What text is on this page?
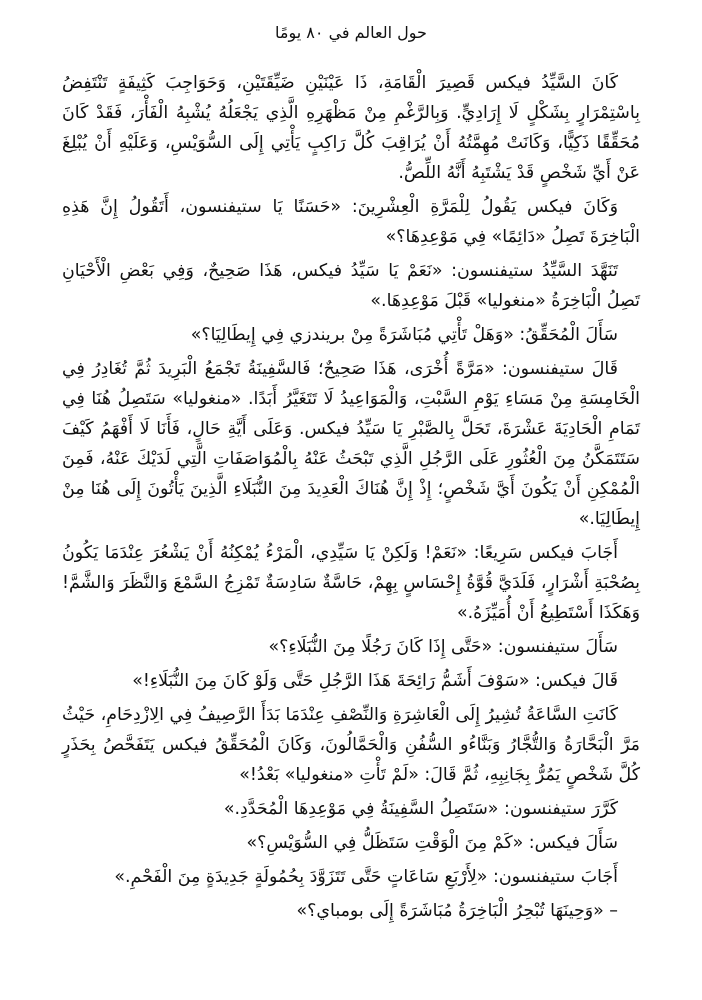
حول العالم في ٨٠ يومًا

كَانَ السَّيِّدُ فيكس قَصِيرَ الْقَامَةِ، ذَا عَيْنَيْنِ ضَيِّقَتَيْنِ، وَحَوَاجِبَ كَثِيفَةٍ تَنْتَفِضُ بِاسْتِمْرَارٍ بِشَكْلٍ لَا إِرَادِيٍّ. وَبِالرَّغْمِ مِنْ مَظْهَرِهِ الَّذِي يَجْعَلُهُ يُشْبِهُ الْفَأْرَ، فَقَدْ كَانَ مُحَقِّقًا ذَكِيًّا، وَكَانَتْ مُهِمَّتُهُ أَنْ يُرَاقِبَ كُلَّ رَاكِبٍ يَأْتِي إِلَى السُّوَيْسِ، وَعَلَيْهِ أَنْ يُبْلِغَ عَنْ أَيِّ شَخْصٍ قَدْ يَشْتَبِهُ أَنَّهُ اللِّصُّ.

وَكَانَ فيكس يَقُولُ لِلْمَرَّةِ الْعِشْرِينَ: «حَسَنًا يَا ستيفنسون، أَتَقُولُ إِنَّ هَذِهِ الْبَاخِرَةَ تَصِلُ «دَائِمًا» فِي مَوْعِدِهَا؟»

تَنَهَّدَ السَّيِّدُ ستيفنسون: «نَعَمْ يَا سَيِّدُ فيكس، هَذَا صَحِيحٌ، وَفِي بَعْضِ الْأَحْيَانِ تَصِلُ الْبَاخِرَةُ «منغوليا» قَبْلَ مَوْعِدِهَا.»

سَأَلَ الْمُحَقِّقُ: «وَهَلْ تَأْتِي مُبَاشَرَةً مِنْ بريندزي فِي إِيطَالِيَا؟»

قَالَ ستيفنسون: «مَرَّةً أُخْرَى، هَذَا صَحِيحٌ؛ فَالسَّفِينَةُ تَجْمَعُ الْبَرِيدَ ثُمَّ تُغَادِرُ فِي الْخَامِسَةِ مِنْ مَسَاءِ يَوْمِ السَّبْتِ، وَالْمَوَاعِيدُ لَا تَتَغَيَّرُ أَبَدًا. «منغوليا» سَتَصِلُ هُنَا فِي تَمَامِ الْحَادِيَةَ عَشْرَةَ، تَحَلَّ بِالصَّبْرِ يَا سَيِّدُ فيكس. وَعَلَى أَيَّةِ حَالٍ، فَأَنَا لَا أَفْهَمُ كَيْفَ سَتَتَمَكَّنُ مِنَ الْعُثُورِ عَلَى الرَّجُلِ الَّذِي تَبْحَثُ عَنْهُ بِالْمُوَاصَفَاتِ الَّتِي لَدَيْكَ عَنْهُ، فَمِنَ الْمُمْكِنِ أَنْ يَكُونَ أَيَّ شَخْصٍ؛ إِذْ إِنَّ هُنَاكَ الْعَدِيدَ مِنَ النُّبَلَاءِ الَّذِينَ يَأْتُونَ إِلَى هُنَا مِنْ إِيطَالِيَا.»

أَجَابَ فيكس سَرِيعًا: «نَعَمْ! وَلَكِنْ يَا سَيِّدِي، الْمَرْءُ يُمْكِنُهُ أَنْ يَشْعُرَ عِنْدَمَا يَكُونُ بِصُحْبَةِ أَشْرَارٍ، فَلَدَيَّ قُوَّةُ إِحْسَاسٍ بِهِمْ، حَاسَّةٌ سَادِسَةٌ تَمْزِجُ السَّمْعَ وَالنَّظَرَ وَالشَّمَّ! وَهَكَذَا أَسْتَطِيعُ أَنْ أُمَيِّزَهُ.»

سَأَلَ ستيفنسون: «حَتَّى إِذَا كَانَ رَجُلًا مِنَ النُّبَلَاءِ؟»

قَالَ فيكس: «سَوْفَ أَشَمُّ رَائِحَةَ هَذَا الرَّجُلِ حَتَّى وَلَوْ كَانَ مِنَ النُّبَلَاءِ!»

كَانَتِ السَّاعَةُ تُشِيرُ إِلَى الْعَاشِرَةِ وَالنِّصْفِ عِنْدَمَا بَدَأَ الرَّصِيفُ فِي الِازْدِحَامِ، حَيْثُ مَرَّ الْبَحَّارَةُ وَالتُّجَّارُ وَبَنَّاءُو السُّفُنِ وَالْحَمَّالُونَ، وَكَانَ الْمُحَقِّقُ فيكس يَتَفَحَّصُ بِحَذَرٍ كُلَّ شَخْصٍ يَمُرُّ بِجَانِبِهِ، ثُمَّ قَالَ: «لَمْ تَأْتِ «منغوليا» بَعْدُ!»

كَرَّرَ ستيفنسون: «سَتَصِلُ السَّفِينَةُ فِي مَوْعِدِهَا الْمُحَدَّدِ.»

سَأَلَ فيكس: «كَمْ مِنَ الْوَقْتِ سَتَظَلُّ فِي السُّوَيْسِ؟»

أَجَابَ ستيفنسون: «لِأَرْبَعِ سَاعَاتٍ حَتَّى تَتَزَوَّدَ بِحُمُولَةٍ جَدِيدَةٍ مِنَ الْفَحْمِ.»

– «وَحِينَهَا تُبْحِرُ الْبَاخِرَةُ مُبَاشَرَةً إِلَى بومباي؟»
